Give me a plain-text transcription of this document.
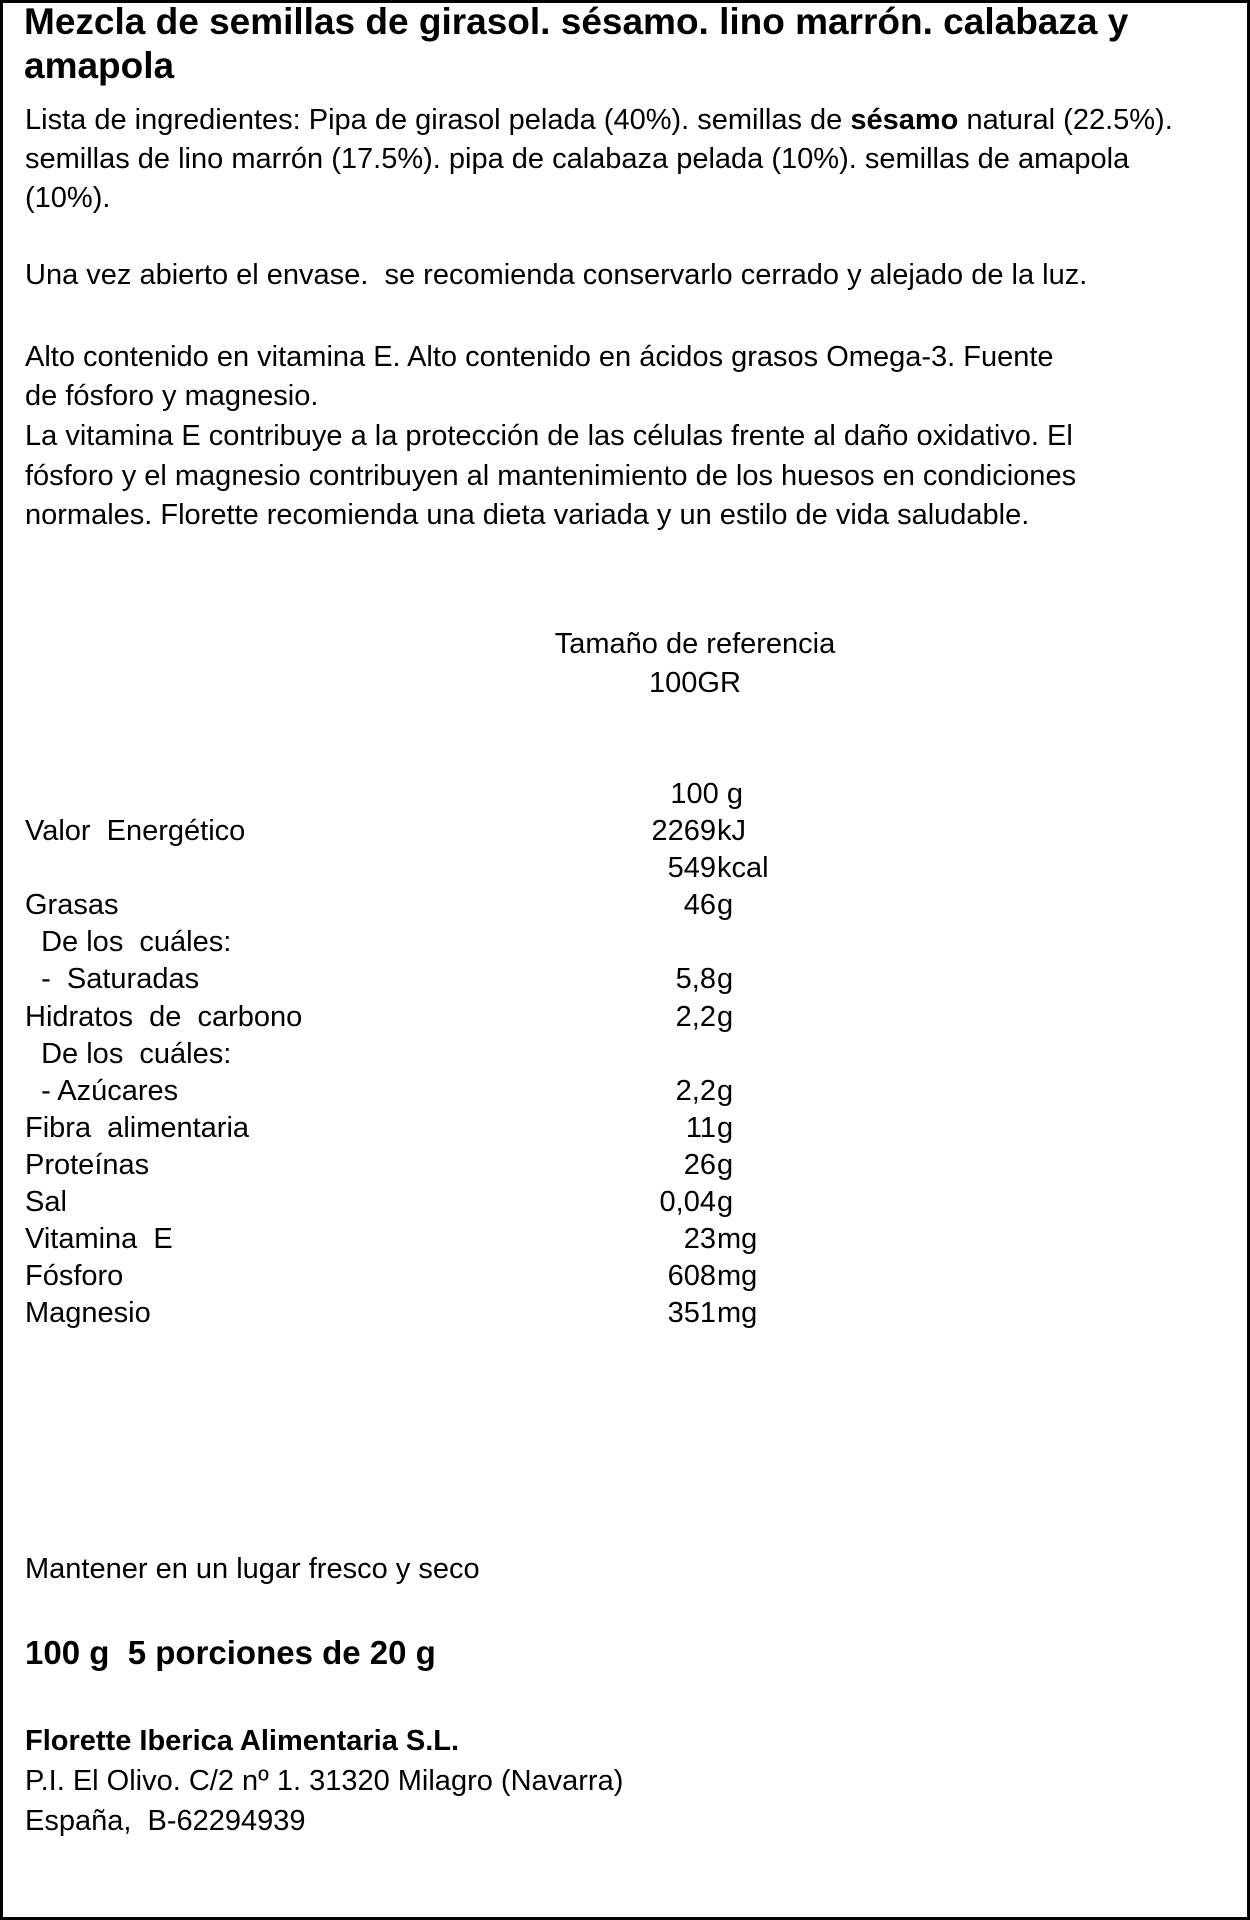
Mezcla de semillas de girasol. sésamo. lino marrón. calabaza y amapola
Lista de ingredientes: Pipa de girasol pelada (40%). semillas de sésamo natural (22.5%). semillas de lino marrón (17.5%). pipa de calabaza pelada (10%). semillas de amapola (10%).
Una vez abierto el envase.  se recomienda conservarlo cerrado y alejado de la luz.
Alto contenido en vitamina E. Alto contenido en ácidos grasos Omega-3. Fuente
de fósforo y magnesio.
La vitamina E contribuye a la protección de las células frente al daño oxidativo. El
fósforo y el magnesio contribuyen al mantenimiento de los huesos en condiciones
normales. Florette recomienda una dieta variada y un estilo de vida saludable.
Tamaño de referencia
100GR
100 g
Valor  Energético	2269 kJ
549 kcal
Grasas	46 g
De los  cuáles:
-  Saturadas	5,8 g
Hidratos  de  carbono	2,2 g
De los  cuáles:
- Azúcares	2,2 g
Fibra  alimentaria	11 g
Proteínas	26 g
Sal	0,04 g
Vitamina  E	23 mg
Fósforo	608 mg
Magnesio	351 mg
Mantener en un lugar fresco y seco
100 g  5 porciones de 20 g
Florette Iberica Alimentaria S.L.
P.I. El Olivo. C/2 nº 1. 31320 Milagro (Navarra)
España,  B-62294939
